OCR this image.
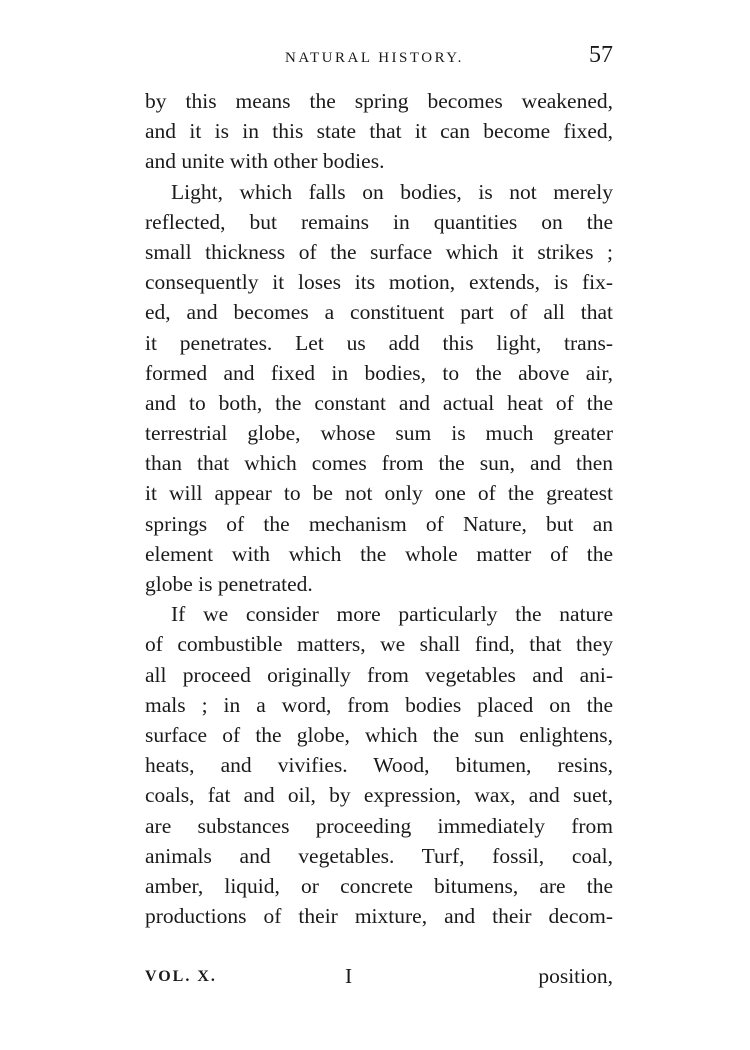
NATURAL HISTORY.	57
by this means the spring becomes weakened,
and it is in this state that it can become fixed,
and unite with other bodies.
Light, which falls on bodies, is not merely
reflected, but remains in quantities on the
small thickness of the surface which it strikes ;
consequently it loses its motion, extends, is fix-
ed, and becomes a constituent part of all that
it penetrates. Let us add this light, trans-
formed and fixed in bodies, to the above air,
and to both, the constant and actual heat of the
terrestrial globe, whose sum is much greater
than that which comes from the sun, and then
it will appear to be not only one of the greatest
springs of the mechanism of Nature, but an
element with which the whole matter of the
globe is penetrated.
If we consider more particularly the nature
of combustible matters, we shall find, that they
all proceed originally from vegetables and ani-
mals ; in a word, from bodies placed on the
surface of the globe, which the sun enlightens,
heats, and vivifies. Wood, bitumen, resins,
coals, fat and oil, by expression, wax, and suet,
are substances proceeding immediately from
animals and vegetables. Turf, fossil, coal,
amber, liquid, or concrete bitumens, are the
productions of their mixture, and their decom-
VOL. X.	I	position,
